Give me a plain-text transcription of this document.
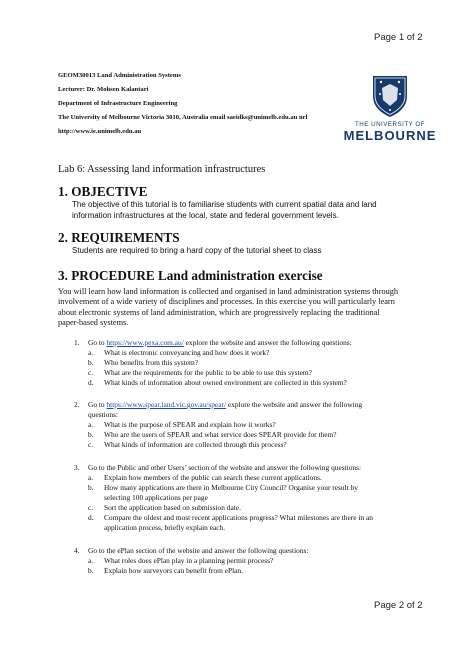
Page 1 of 2
GEOM30013 Land Administration Systems
Lecturer: Dr. Mohsen Kalantari
Department of Infrastructure Engineering
The University of Melbourne Victoria 3010, Australia email saeidks@unimelb.edu.au url
http://www.ie.unimelb.edu.au
THE UNIVERSITY OF
MELBOURNE
Lab 6: Assessing land information infrastructures
1. OBJECTIVE
The objective of this tutorial is to familiarise students with current spatial data and land
information infrastructures at the local, state and federal government levels.
2. REQUIREMENTS
Students are required to bring a hard copy of the tutorial sheet to class
3. PROCEDURE Land administration exercise
You will learn how land information is collected and organised in land administration systems through
involvement of a wide variety of disciplines and processes. In this exercise you will particularly learn
about electronic systems of land administration, which are progressively replacing the traditional
paper-based systems.
1. Go to https://www.pexa.com.au/ explore the website and answer the following questions:
a. What is electronic conveyancing and how does it work?
b. Who benefits from this system?
c. What are the requirements for the public to be able to use this system?
d. What kinds of information about owned environment are collected in this system?
2. Go to https://www.spear.land.vic.gov.au/spear/ explore the website and answer the following
questions:
a. What is the purpose of SPEAR and explain how it works?
b. Who are the users of SPEAR and what service does SPEAR provide for them?
c. What kinds of information are collected through this process?
3. Go to the Public and other Users’ section of the website and answer the following questions:
a. Explain how members of the public can search these current applications.
b. How many applications are there in Melbourne City Council? Organise your result by
selecting 100 applications per page
c. Sort the application based on submission date.
d. Compare the oldest and most recent applications progress? What milestones are there in an
application process, briefly explain each.
4. Go to the ePlan section of the website and answer the following questions:
a. What roles does ePlan play in a planning permit process?
b. Explain how surveyors can benefit from ePlan.
Page 2 of 2
